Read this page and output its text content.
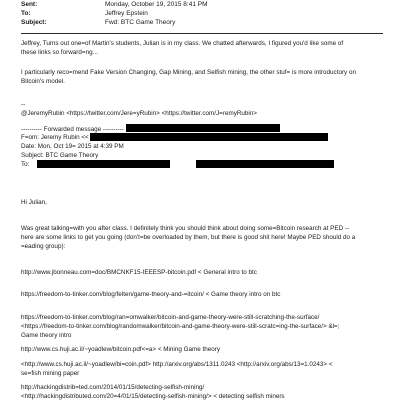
Sent:	Monday, October 19, 2015 8:41 PM
To:	Jeffrey Epstein
Subject:	Fwd: BTC Game Theory
Jeffrey, Turns out one=of Martin's students, Julian is in my class. We chatted afterwards, I figured you'd like some of
these links so forward=ng...
I particularly reco=mend Fake Version Changing, Gap Mining, and Selfish mining, the other stuf= is more introductory on
Bitcoin's model.
--
@JeremyRubin <https://twitter.com/Jere=yRubin> <https://twitter.com/J=remyRubin>
---------- Forwarded message ----------
F=om: Jeremy Rubin <<
Date: Mon, Oct 19= 2015 at 4:39 PM
Subject: BTC Game Theory
To:
Hi Julian,
Was great talking=with you after class. I definitely think you should think about doing some=Bitcoin research at PED --
here are some links to get you going (don't=be overloaded by them, but there is good shit here! Maybe PED should do a
=eading group):
http://www.jbonneau.com=doc/BMCNKF15-IEEESP-bitcoin.pdf < General intro to btc
https://freedom-to-tinker.com/blog/felten/game-theory-and-=itcoin/ < Game theory intro on btc
https://freedom-to-tinker.com/blog/ran=omwalker/bitcoin-and-game-theory-were-still-scratching-the-surface/
<https://freedom-to-tinker.com/blog/randomwalker/bitcoin-and-game-theory-were-still-scratc=ing-the-surface/> &l=;
Game theory intro
http://www.cs.huji.ac.il/~yoadlew/bitcoin.pdf<=a> < Mining Game theory
<http://www.cs.huji.ac.il/~yoadlew/bi=coin.pdf> http://arxiv.org/abs/1311.0243 <http://arxiv.org/abs/13=1.0243> <
se=fish mining paper
http://hackingdistrib=ted.com/2014/01/15/detecting-selfish-mining/
<http://hackingdistributed.com/20=4/01/15/detecting-selfish-mining/> < detecting selfish miners
